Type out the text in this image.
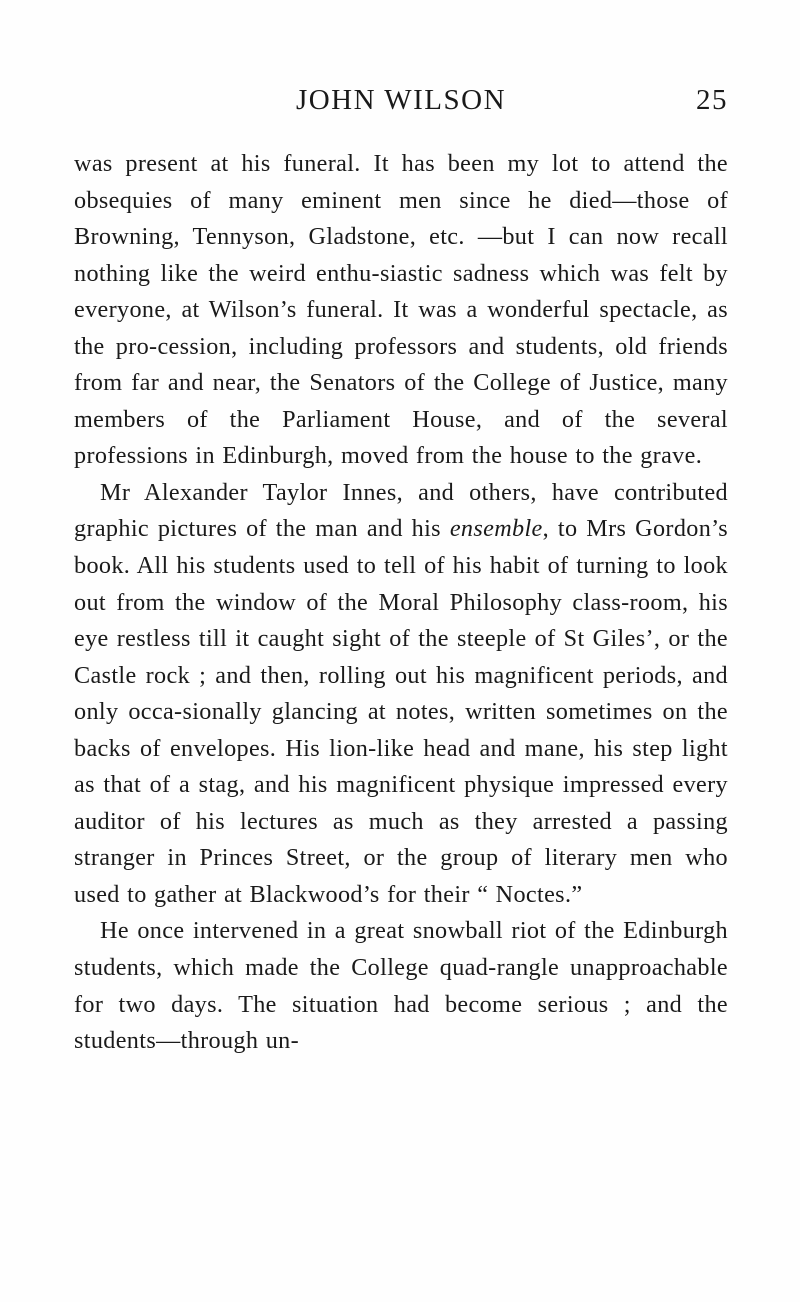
JOHN WILSON	25

was present at his funeral. It has been my lot to attend the obsequies of many eminent men since he died—those of Browning, Tennyson, Gladstone, etc. —but I can now recall nothing like the weird enthu-siastic sadness which was felt by everyone, at Wilson’s funeral. It was a wonderful spectacle, as the pro-cession, including professors and students, old friends from far and near, the Senators of the College of Justice, many members of the Parliament House, and of the several professions in Edinburgh, moved from the house to the grave.

Mr Alexander Taylor Innes, and others, have contributed graphic pictures of the man and his ensemble, to Mrs Gordon’s book. All his students used to tell of his habit of turning to look out from the window of the Moral Philosophy class-room, his eye restless till it caught sight of the steeple of St Giles’, or the Castle rock ; and then, rolling out his magnificent periods, and only occa-sionally glancing at notes, written sometimes on the backs of envelopes. His lion-like head and mane, his step light as that of a stag, and his magnificent physique impressed every auditor of his lectures as much as they arrested a passing stranger in Princes Street, or the group of literary men who used to gather at Blackwood’s for their “ Noctes.”

He once intervened in a great snowball riot of the Edinburgh students, which made the College quad-rangle unapproachable for two days. The situation had become serious ; and the students—through un-
